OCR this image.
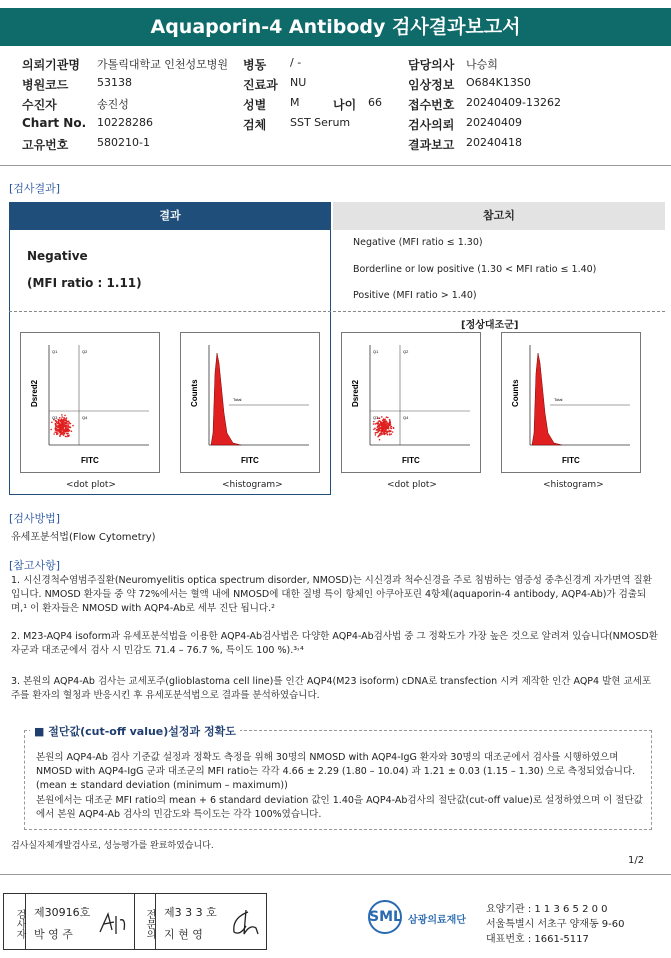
Aquaporin-4 Antibody 검사결과보고서
의뢰기관명 가톨릭대학교 인천성모병원 병동 / -	담당의사 나승희
병원코드	53138	진료과 NU	임상정보 O684K13S0
수진자	송진성	성별 M	나이 66 접수번호 20240409-13262
Chart No. 10228286	검체 SST Serum	검사의뢰 20240409
고유번호	580210-1	결과보고 20240418
[검사결과]
결과	참고치
Negative
(MFI ratio : 1.11)
Negative (MFI ratio ≤ 1.30)
Borderline or low positive (1.30 < MFI ratio ≤ 1.40)
Positive (MFI ratio > 1.40)
[정상대조군]
FITC
Dsred2
Q1	Q2
Q3	Q4
Total
FITC
Counts
FITC
Dsred2
Q1	Q2
Q3	Q4
Total
FITC
Counts
<dot plot>	<histogram>	<dot plot>	<histogram>
[검사방법]
유세포분석법(Flow Cytometry)
[참고사항]
1. 시신경척수염범주질환(Neuromyelitis optica spectrum disorder, NMOSD)는 시신경과 척수신경을 주로 침범하는 염증성 중추신경계 자가면역 질환입니다. NMOSD 환자들 중 약 72%에서는 혈액 내에 NMOSD에 대한 질병 특이 항체인 아쿠아포린 4항체(aquaporin-4 antibody, AQP4-Ab)가 검출되며,¹ 이 환자들은 NMOSD with AQP4-Ab로 세부 진단 됩니다.²
2. M23-AQP4 isoform과 유세포분석법을 이용한 AQP4-Ab검사법은 다양한 AQP4-Ab검사법 중 그 정확도가 가장 높은 것으로 알려져 있습니다(NMOSD환자군과 대조군에서 검사 시 민감도 71.4 – 76.7 %, 특이도 100 %).³˒⁴
3. 본원의 AQP4-Ab 검사는 교세포주(glioblastoma cell line)를 인간 AQP4(M23 isoform) cDNA로 transfection 시켜 제작한 인간 AQP4 발현 교세포주를 환자의 혈청과 반응시킨 후 유세포분석법으로 결과를 분석하였습니다.
■ 절단값(cut-off value)설정과 정확도
본원의 AQP4-Ab 검사 기준값 설정과 정확도 측정을 위해 30명의 NMOSD with AQP4-IgG 환자와 30명의 대조군에서 검사를 시행하였으며 NMOSD with AQP4-IgG 군과 대조군의 MFI ratio는 각각 4.66 ± 2.29 (1.80 – 10.04) 과 1.21 ± 0.03 (1.15 – 1.30) 으로 측정되었습니다. (mean ± standard deviation (minimum – maximum))
본원에서는 대조군 MFI ratio의 mean + 6 standard deviation 값인 1.40을 AQP4-Ab검사의 절단값(cut-off value)로 설정하였으며 이 절단값에서 본원 AQP4-Ab 검사의 민감도와 특이도는 각각 100%였습니다.
검사실자체개발검사로, 성능평가를 완료하였습니다.
1/2
검사자 제30916호
박 영 주	전문의 제3 3 3 호
지 현 영
SML 삼광의료재단
요양기관 : 1 1 3 6 5 2 0 0
서울특별시 서초구 양재동 9-60
대표번호 : 1661-5117
